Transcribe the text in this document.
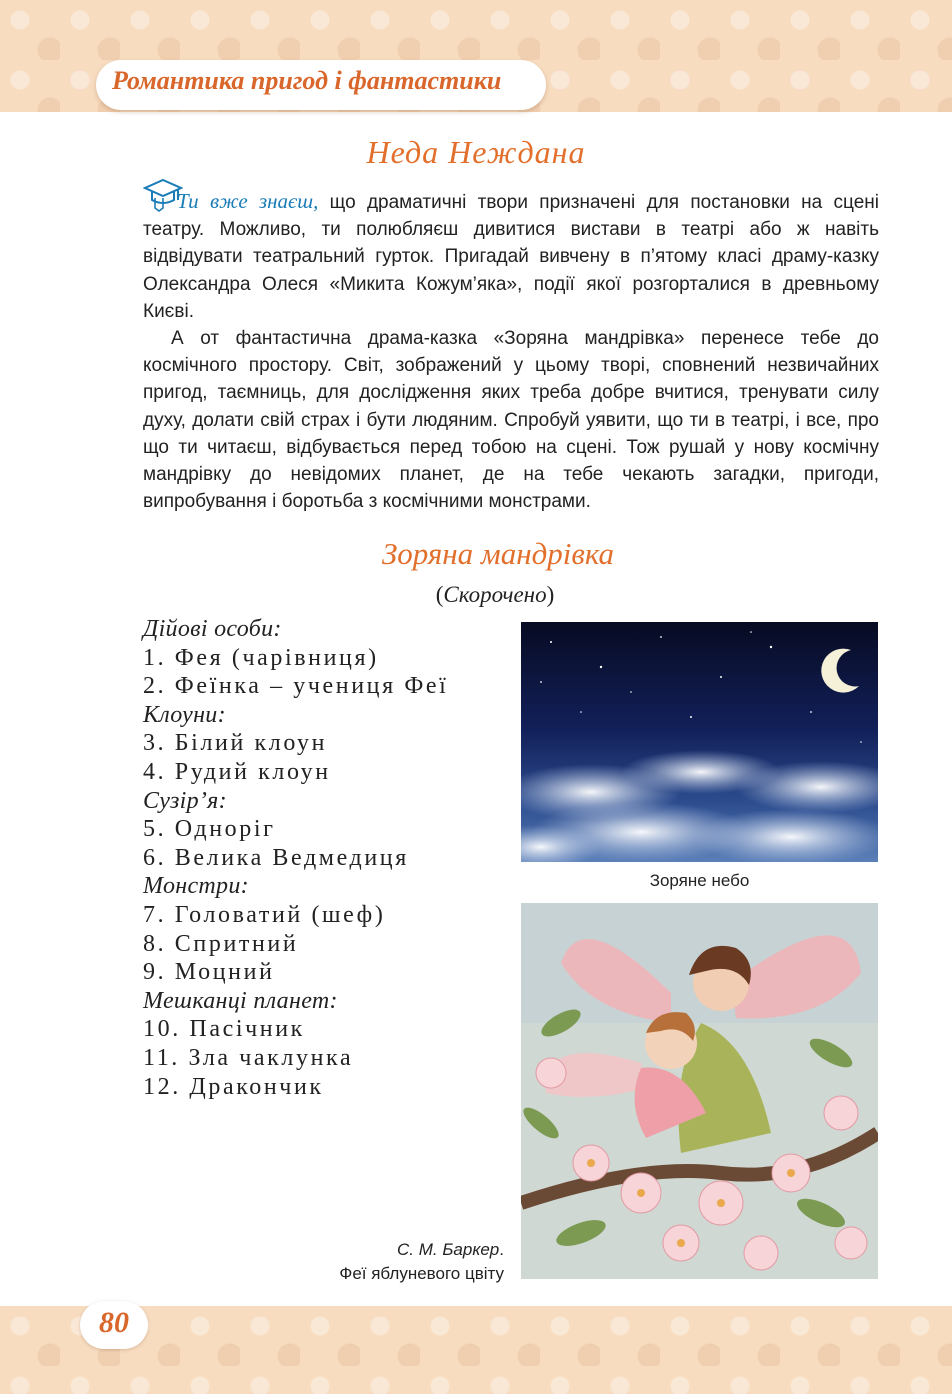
Романтика пригод і фантастики
Неда Неждана

Ти вже знаєш, що драматичні твори призначені для постановки на сцені театру. Можливо, ти полюбляєш дивитися вистави в театрі або ж навіть відвідувати театральний гурток. Пригадай вивчену в п’ятому класі драму-казку Олександра Олеся «Микита Кожум’яка», події якої розгорталися в древньому Києві.

А от фантастична драма-казка «Зоряна мандрівка» перенесе тебе до космічного простору. Світ, зображений у цьому творі, сповнений незвичайних пригод, таємниць, для дослідження яких треба добре вчитися, тренувати силу духу, долати свій страх і бути людяним. Спробуй уявити, що ти в театрі, і все, про що ти читаєш, відбувається перед тобою на сцені. Тож рушай у нову космічну мандрівку до невідомих планет, де на тебе чекають загадки, пригоди, випробування і боротьба з космічними монстрами.

Зоряна мандрівка
(Скорочено)
Дійові особи:
1. Фея (чарівниця)
2. Феїнка – учениця Феї
Клоуни:
3. Білий клоун
4. Рудий клоун
Сузір’я:
5. Одноріг
6. Велика Ведмедиця
Монстри:
7. Головатий (шеф)
8. Спритний
9. Моцний
Мешканці планет:
10. Пасічник
11. Зла чаклунка
12. Дракончик
Зоряне небо
С. М. Баркер.
Феї яблуневого цвіту
80
